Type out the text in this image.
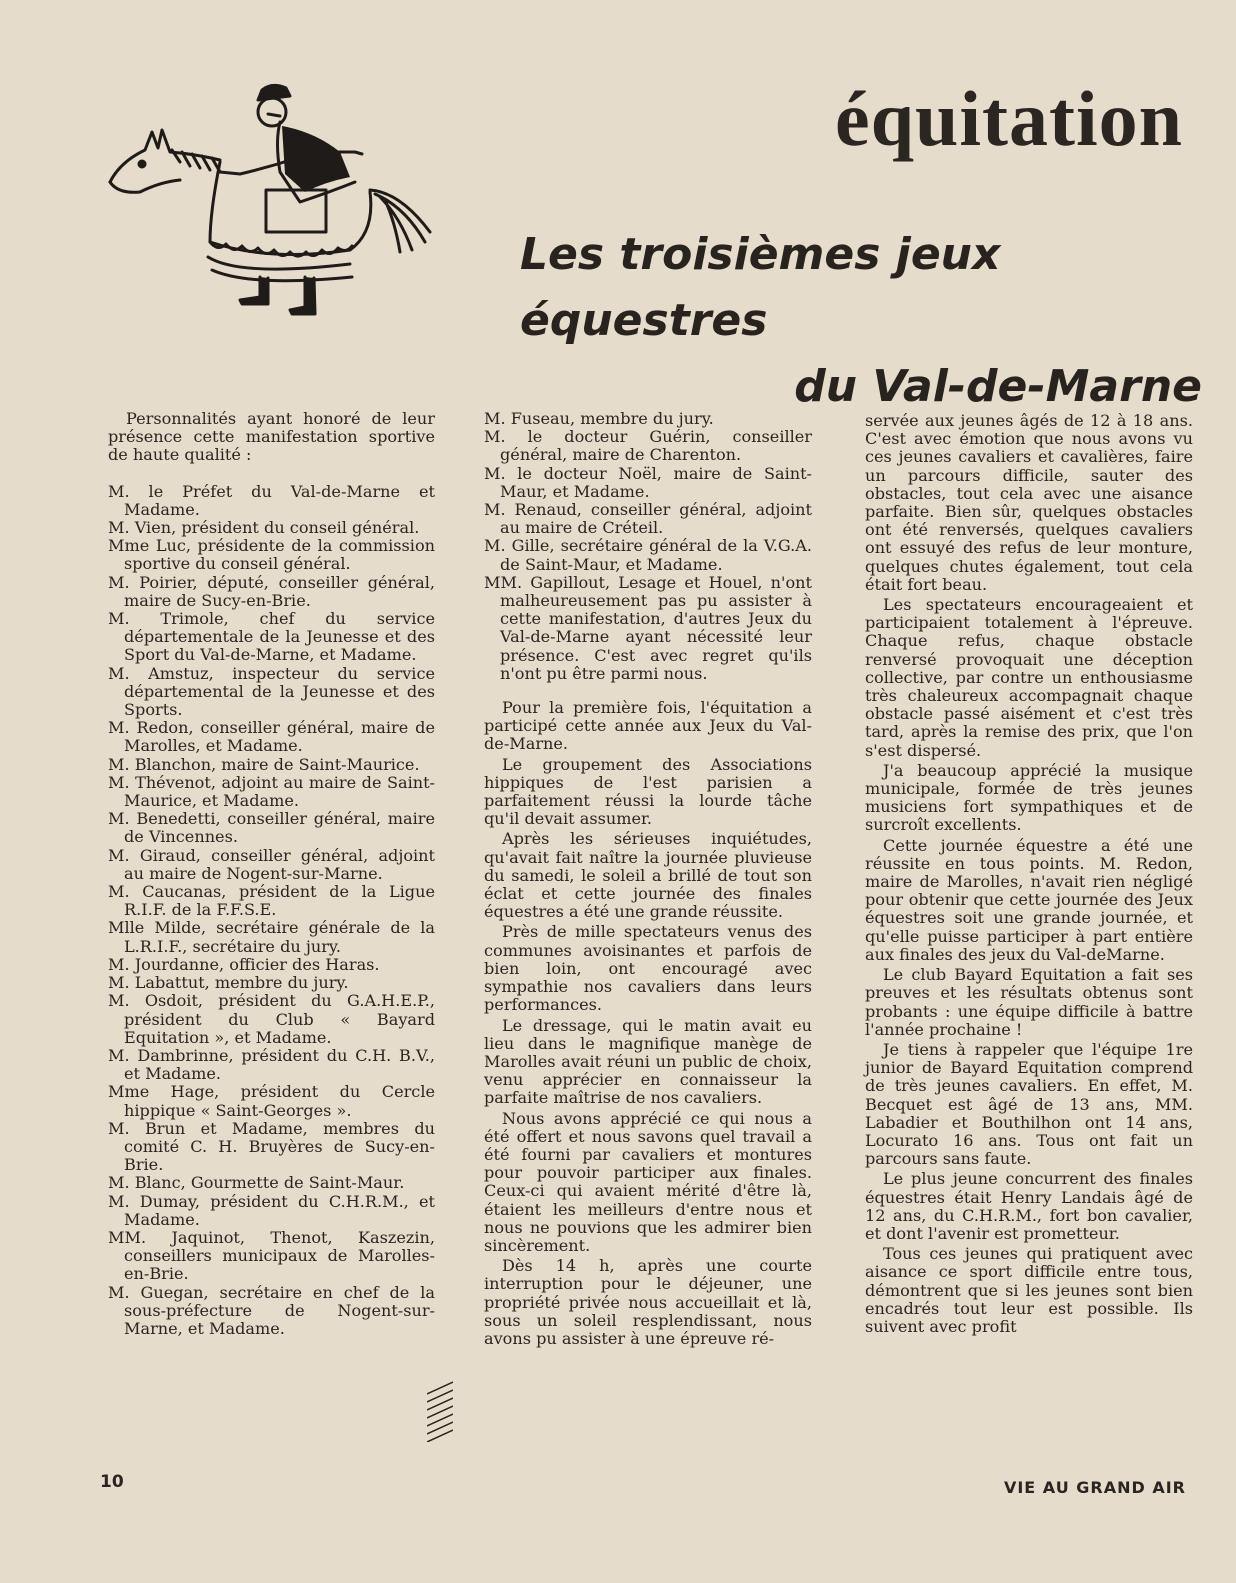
équitation
Les troisièmes jeux équestres
du Val-de-Marne

Personnalités ayant honoré de leur présence cette manifestation sportive de haute qualité :

M. le Préfet du Val-de-Marne et Madame.

M. Vien, président du conseil général.

Mme Luc, présidente de la commission sportive du conseil général.

M. Poirier, député, conseiller général, maire de Sucy-en-Brie.

M. Trimole, chef du service départementale de la Jeunesse et des Sport du Val-de-Marne, et Madame.

M. Amstuz, inspecteur du service départemental de la Jeunesse et des Sports.

M. Redon, conseiller général, maire de Marolles, et Madame.

M. Blanchon, maire de Saint-Maurice.

M. Thévenot, adjoint au maire de Saint-Maurice, et Madame.

M. Benedetti, conseiller général, maire de Vincennes.

M. Giraud, conseiller général, adjoint au maire de Nogent-sur-Marne.

M. Caucanas, président de la Ligue R.I.F. de la F.F.S.E.

Mlle Milde, secrétaire générale de la L.R.I.F., secrétaire du jury.

M. Jourdanne, officier des Haras.

M. Labattut, membre du jury.

M. Osdoit, président du G.A.H.E.P., président du Club « Bayard Equitation », et Madame.

M. Dambrinne, président du C.H. B.V., et Madame.

Mme Hage, président du Cercle hippique « Saint-Georges ».

M. Brun et Madame, membres du comité C. H. Bruyères de Sucy-en-Brie.

M. Blanc, Gourmette de Saint-Maur.

M. Dumay, président du C.H.R.M., et Madame.

MM. Jaquinot, Thenot, Kaszezin, conseillers municipaux de Marolles-en-Brie.

M. Guegan, secrétaire en chef de la sous-préfecture de Nogent-sur-Marne, et Madame.

M. Fuseau, membre du jury.

M. le docteur Guérin, conseiller général, maire de Charenton.

M. le docteur Noël, maire de Saint-Maur, et Madame.

M. Renaud, conseiller général, adjoint au maire de Créteil.

M. Gille, secrétaire général de la V.G.A. de Saint-Maur, et Madame.

MM. Gapillout, Lesage et Houel, n'ont malheureusement pas pu assister à cette manifestation, d'autres Jeux du Val-de-Marne ayant nécessité leur présence. C'est avec regret qu'ils n'ont pu être parmi nous.

Pour la première fois, l'équitation a participé cette année aux Jeux du Val-de-Marne.

Le groupement des Associations hippiques de l'est parisien a parfaitement réussi la lourde tâche qu'il devait assumer.

Après les sérieuses inquiétudes, qu'avait fait naître la journée pluvieuse du samedi, le soleil a brillé de tout son éclat et cette journée des finales équestres a été une grande réussite.

Près de mille spectateurs venus des communes avoisinantes et parfois de bien loin, ont encouragé avec sympathie nos cavaliers dans leurs performances.

Le dressage, qui le matin avait eu lieu dans le magnifique manège de Marolles avait réuni un public de choix, venu apprécier en connaisseur la parfaite maîtrise de nos cavaliers.

Nous avons apprécié ce qui nous a été offert et nous savons quel travail a été fourni par cavaliers et montures pour pouvoir participer aux finales. Ceux-ci qui avaient mérité d'être là, étaient les meilleurs d'entre nous et nous ne pouvions que les admirer bien sincèrement.

Dès 14 h, après une courte interruption pour le déjeuner, une propriété privée nous accueillait et là, sous un soleil resplendissant, nous avons pu assister à une épreuve ré-

servée aux jeunes âgés de 12 à 18 ans. C'est avec émotion que nous avons vu ces jeunes cavaliers et cavalières, faire un parcours difficile, sauter des obstacles, tout cela avec une aisance parfaite. Bien sûr, quelques obstacles ont été renversés, quelques cavaliers ont essuyé des refus de leur monture, quelques chutes également, tout cela était fort beau.

Les spectateurs encourageaient et participaient totalement à l'épreuve. Chaque refus, chaque obstacle renversé provoquait une déception collective, par contre un enthousiasme très chaleureux accompagnait chaque obstacle passé aisément et c'est très tard, après la remise des prix, que l'on s'est dispersé.

J'a beaucoup apprécié la musique municipale, formée de très jeunes musiciens fort sympathiques et de surcroît excellents.

Cette journée équestre a été une réussite en tous points. M. Redon, maire de Marolles, n'avait rien négligé pour obtenir que cette journée des Jeux équestres soit une grande journée, et qu'elle puisse participer à part entière aux finales des jeux du Val-deMarne.

Le club Bayard Equitation a fait ses preuves et les résultats obtenus sont probants : une équipe difficile à battre l'année prochaine !

Je tiens à rappeler que l'équipe 1re junior de Bayard Equitation comprend de très jeunes cavaliers. En effet, M. Becquet est âgé de 13 ans, MM. Labadier et Bouthilhon ont 14 ans, Locurato 16 ans. Tous ont fait un parcours sans faute.

Le plus jeune concurrent des finales équestres était Henry Landais âgé de 12 ans, du C.H.R.M., fort bon cavalier, et dont l'avenir est prometteur.

Tous ces jeunes qui pratiquent avec aisance ce sport difficile entre tous, démontrent que si les jeunes sont bien encadrés tout leur est possible. Ils suivent avec profit

10	VIE AU GRAND AIR
